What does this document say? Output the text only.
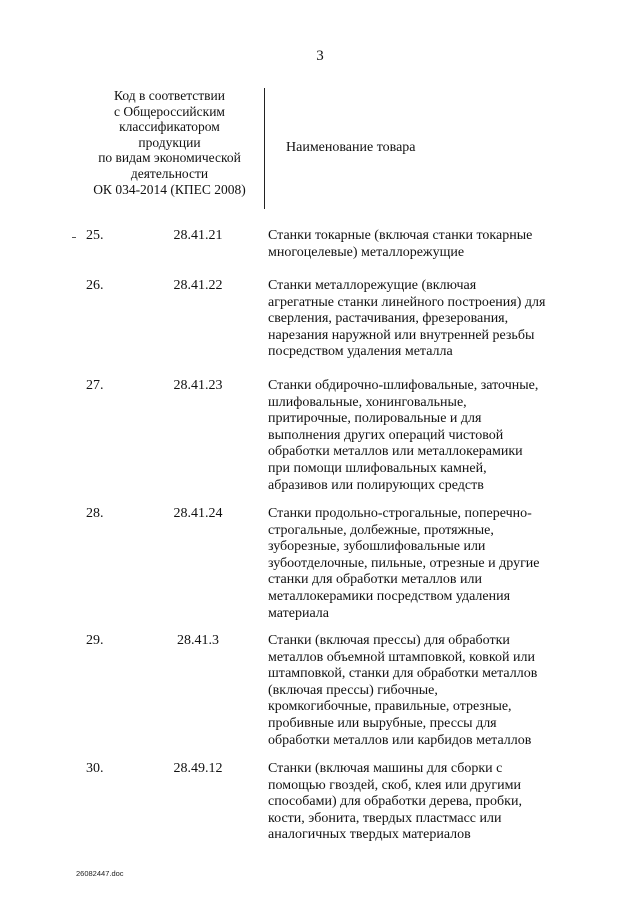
3
Код в соответствии
с Общероссийским
классификатором
продукции
по видам экономической
деятельности
ОК 034-2014 (КПЕС 2008)
Наименование товара
25.	28.41.21	Станки токарные (включая станки токарные
многоцелевые) металлорежущие
26.	28.41.22	Станки металлорежущие (включая
агрегатные станки линейного построения) для
сверления, растачивания, фрезерования,
нарезания наружной или внутренней резьбы
посредством удаления металла
27.	28.41.23	Станки обдирочно-шлифовальные, заточные,
шлифовальные, хонинговальные,
притирочные, полировальные и для
выполнения других операций чистовой
обработки металлов или металлокерамики
при помощи шлифовальных камней,
абразивов или полирующих средств
28.	28.41.24	Станки продольно-строгальные, поперечно-
строгальные, долбежные, протяжные,
зуборезные, зубошлифовальные или
зубоотделочные, пильные, отрезные и другие
станки для обработки металлов или
металлокерамики посредством удаления
материала
29.	28.41.3	Станки (включая прессы) для обработки
металлов объемной штамповкой, ковкой или
штамповкой, станки для обработки металлов
(включая прессы) гибочные,
кромкогибочные, правильные, отрезные,
пробивные или вырубные, прессы для
обработки металлов или карбидов металлов
30.	28.49.12	Станки (включая машины для сборки с
помощью гвоздей, скоб, клея или другими
способами) для обработки дерева, пробки,
кости, эбонита, твердых пластмасс или
аналогичных твердых материалов
26082447.doc
